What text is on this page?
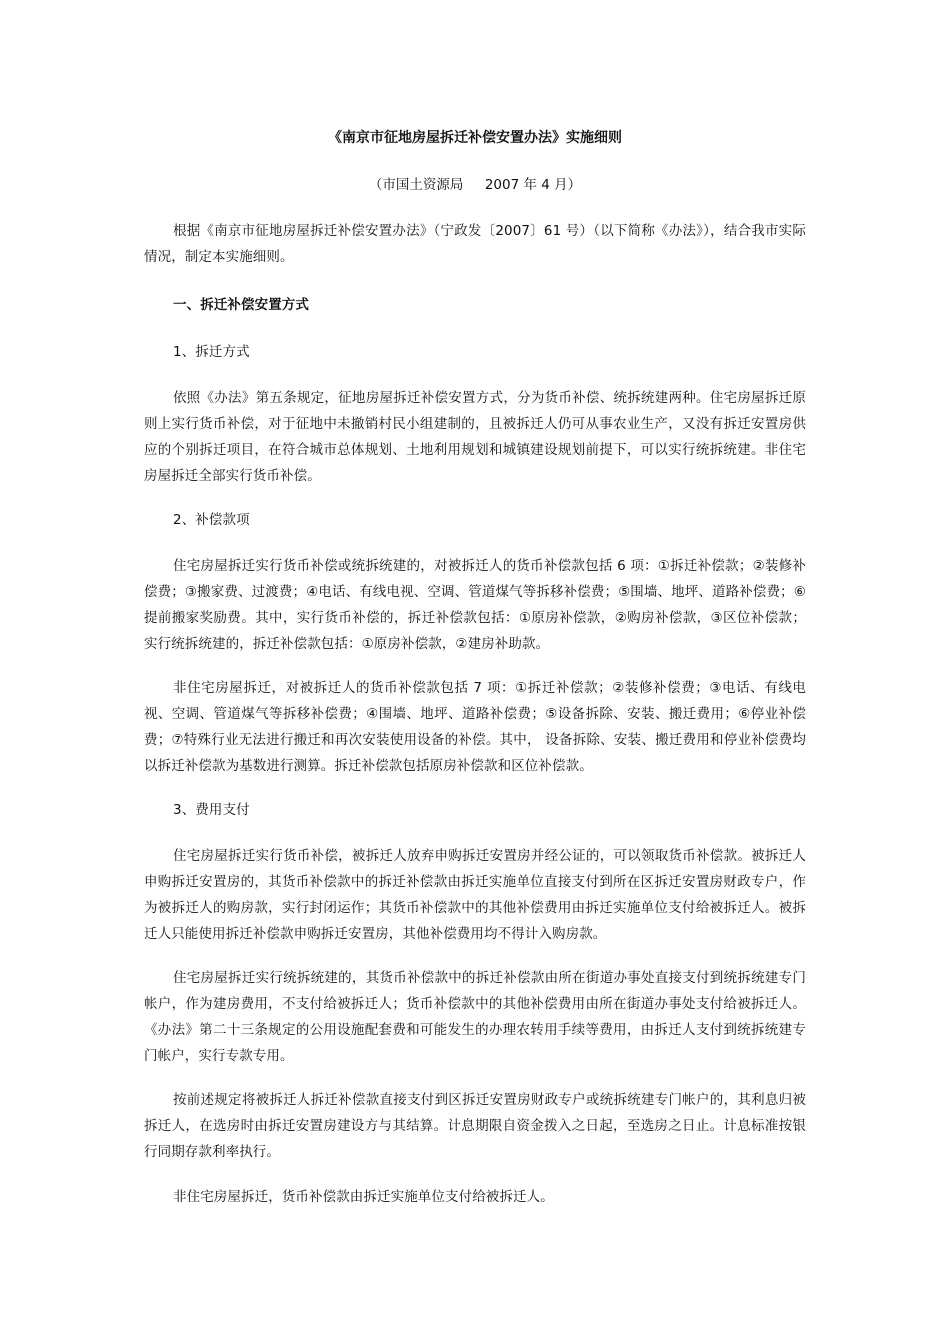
《南京市征地房屋拆迁补偿安置办法》实施细则

（市国土资源局     2007 年 4 月）

根据《南京市征地房屋拆迁补偿安置办法》（宁政发〔2007〕61 号）（以下简称《办法》），结合我市实际情况，制定本实施细则。

一、拆迁补偿安置方式

1、拆迁方式

依照《办法》第五条规定，征地房屋拆迁补偿安置方式，分为货币补偿、统拆统建两种。住宅房屋拆迁原则上实行货币补偿，对于征地中未撤销村民小组建制的，且被拆迁人仍可从事农业生产，又没有拆迁安置房供应的个别拆迁项目，在符合城市总体规划、土地利用规划和城镇建设规划前提下，可以实行统拆统建。非住宅房屋拆迁全部实行货币补偿。

2、补偿款项

住宅房屋拆迁实行货币补偿或统拆统建的，对被拆迁人的货币补偿款包括 6 项：①拆迁补偿款；②装修补偿费；③搬家费、过渡费；④电话、有线电视、空调、管道煤气等拆移补偿费；⑤围墙、地坪、道路补偿费；⑥提前搬家奖励费。其中，实行货币补偿的，拆迁补偿款包括：①原房补偿款，②购房补偿款，③区位补偿款；实行统拆统建的，拆迁补偿款包括：①原房补偿款，②建房补助款。

非住宅房屋拆迁，对被拆迁人的货币补偿款包括 7 项：①拆迁补偿款；②装修补偿费；③电话、有线电视、空调、管道煤气等拆移补偿费；④围墙、地坪、道路补偿费；⑤设备拆除、安装、搬迁费用；⑥停业补偿费；⑦特殊行业无法进行搬迁和再次安装使用设备的补偿。其中， 设备拆除、安装、搬迁费用和停业补偿费均以拆迁补偿款为基数进行测算。拆迁补偿款包括原房补偿款和区位补偿款。

3、费用支付

住宅房屋拆迁实行货币补偿，被拆迁人放弃申购拆迁安置房并经公证的，可以领取货币补偿款。被拆迁人申购拆迁安置房的，其货币补偿款中的拆迁补偿款由拆迁实施单位直接支付到所在区拆迁安置房财政专户，作为被拆迁人的购房款，实行封闭运作；其货币补偿款中的其他补偿费用由拆迁实施单位支付给被拆迁人。被拆迁人只能使用拆迁补偿款申购拆迁安置房，其他补偿费用均不得计入购房款。

住宅房屋拆迁实行统拆统建的，其货币补偿款中的拆迁补偿款由所在街道办事处直接支付到统拆统建专门帐户，作为建房费用，不支付给被拆迁人；货币补偿款中的其他补偿费用由所在街道办事处支付给被拆迁人。《办法》第二十三条规定的公用设施配套费和可能发生的办理农转用手续等费用，由拆迁人支付到统拆统建专门帐户，实行专款专用。

按前述规定将被拆迁人拆迁补偿款直接支付到区拆迁安置房财政专户或统拆统建专门帐户的，其利息归被拆迁人，在选房时由拆迁安置房建设方与其结算。计息期限自资金拨入之日起，至选房之日止。计息标准按银行同期存款利率执行。

非住宅房屋拆迁，货币补偿款由拆迁实施单位支付给被拆迁人。
